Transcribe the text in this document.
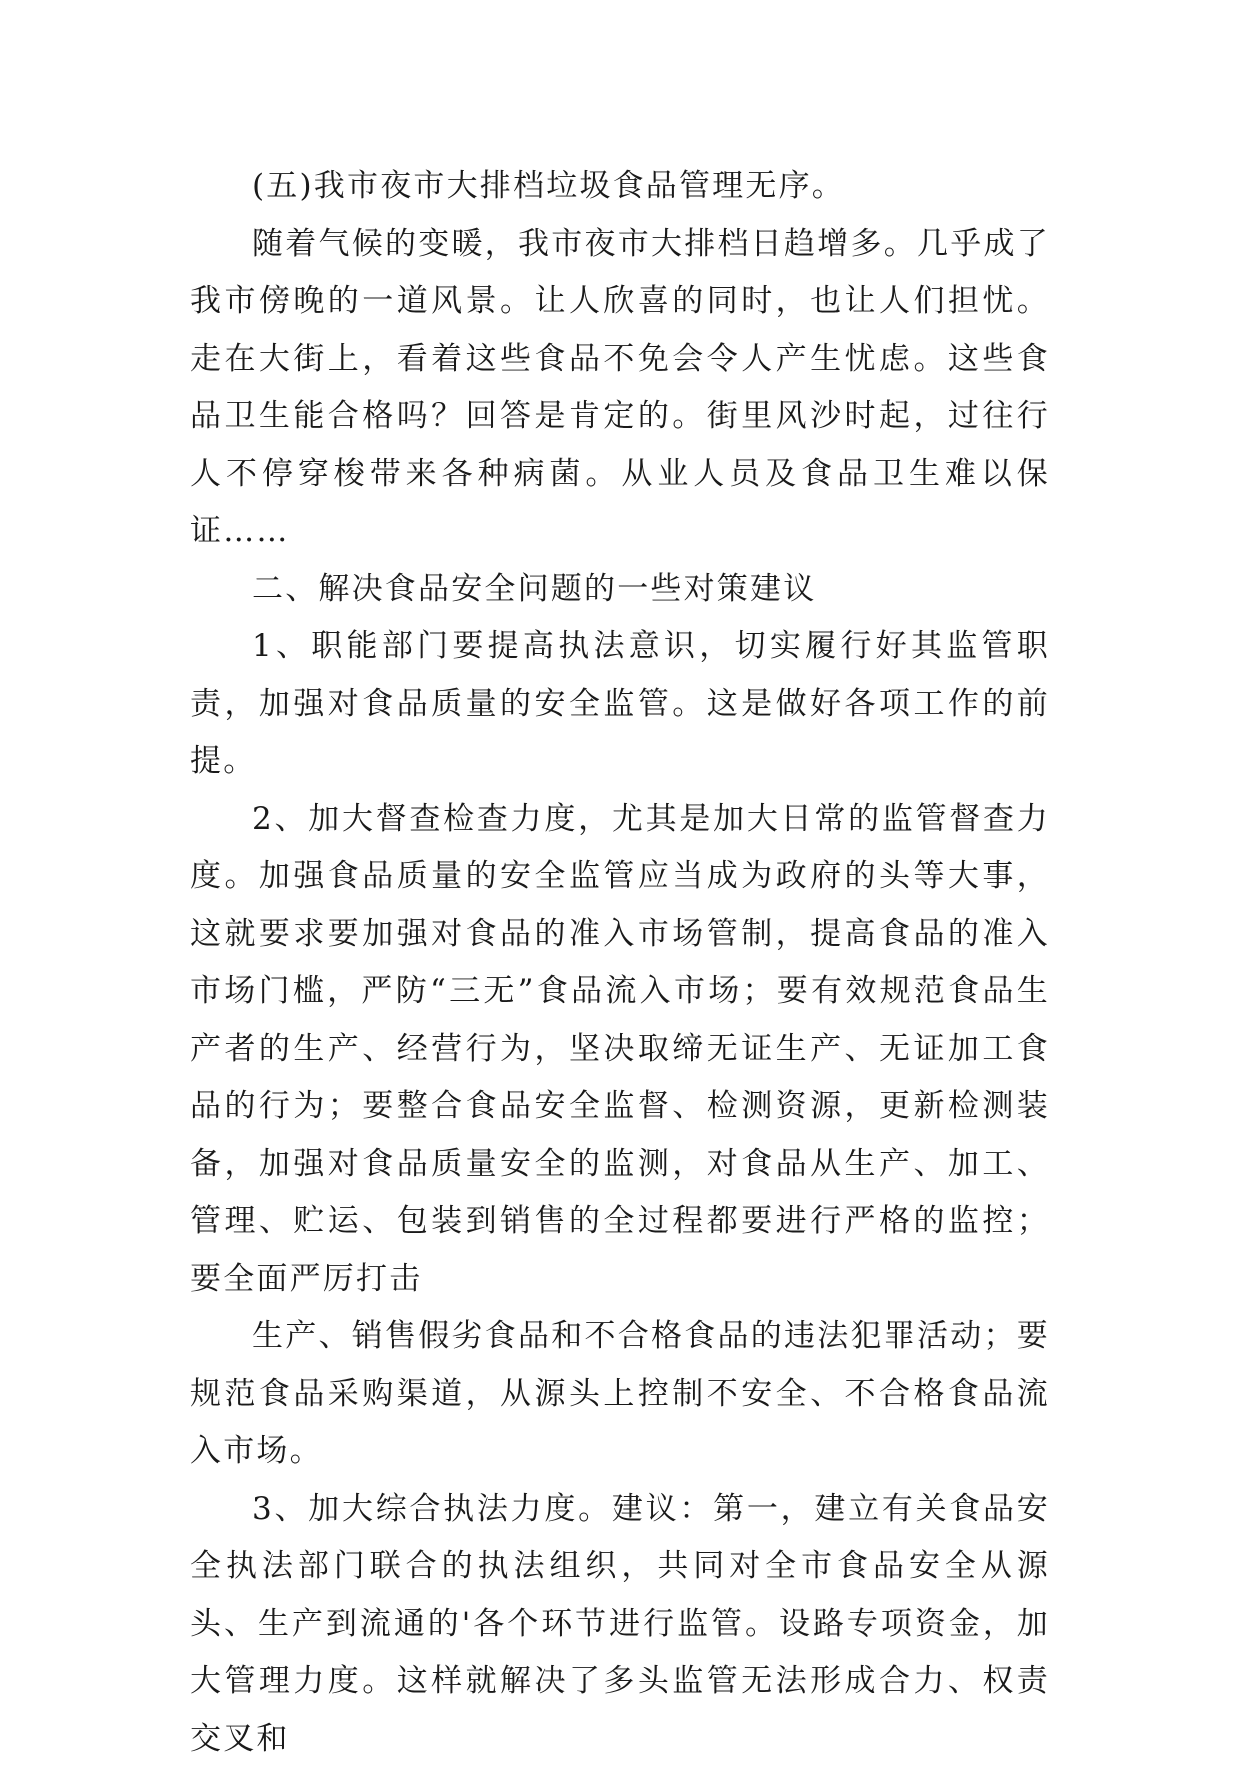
(五)我市夜市大排档垃圾食品管理无序。

随着气候的变暖，我市夜市大排档日趋增多。几乎成了我市傍晚的一道风景。让人欣喜的同时，也让人们担忧。走在大街上，看着这些食品不免会令人产生忧虑。这些食品卫生能合格吗？回答是肯定的。街里风沙时起，过往行人不停穿梭带来各种病菌。从业人员及食品卫生难以保证……

二、解决食品安全问题的一些对策建议

1、职能部门要提高执法意识，切实履行好其监管职责，加强对食品质量的安全监管。这是做好各项工作的前提。

2、加大督查检查力度，尤其是加大日常的监管督查力度。加强食品质量的安全监管应当成为政府的头等大事，这就要求要加强对食品的准入市场管制，提高食品的准入市场门槛，严防“三无”食品流入市场；要有效规范食品生产者的生产、经营行为，坚决取缔无证生产、无证加工食品的行为；要整合食品安全监督、检测资源，更新检测装备，加强对食品质量安全的监测，对食品从生产、加工、管理、贮运、包装到销售的全过程都要进行严格的监控；要全面严厉打击

生产、销售假劣食品和不合格食品的违法犯罪活动；要规范食品采购渠道，从源头上控制不安全、不合格食品流入市场。

3、加大综合执法力度。建议：第一，建立有关食品安全执法部门联合的执法组织，共同对全市食品安全从源头、生产到流通的'各个环节进行监管。设路专项资金，加大管理力度。这样就解决了多头监管无法形成合力、权责交叉和
